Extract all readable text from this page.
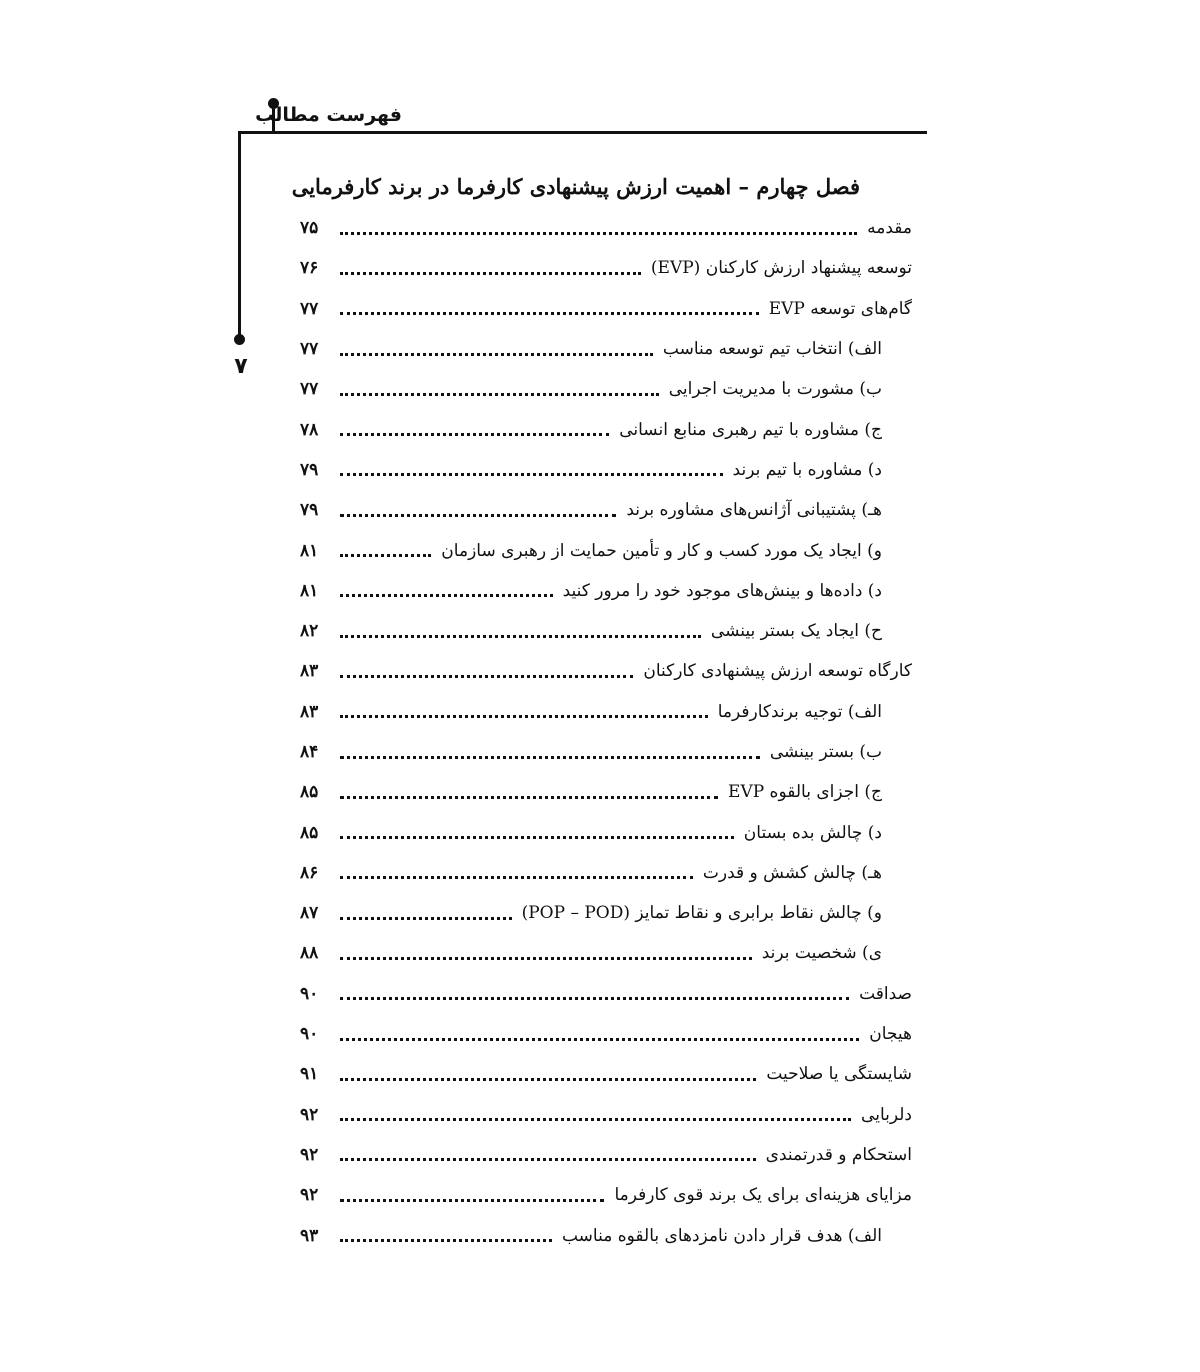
فهرست مطالب
۷
فصل چهارم – اهمیت ارزش پیشنهادی کارفرما در برند کارفرمایی
مقدمه
۷۵
توسعه پیشنهاد ارزش کارکنان (EVP)
۷۶
گام‌های توسعه EVP
۷۷
الف) انتخاب تیم توسعه مناسب
۷۷
ب) مشورت با مدیریت اجرایی
۷۷
ج) مشاوره با تیم رهبری منابع انسانی
۷۸
د) مشاوره با تیم برند
۷۹
هـ) پشتیبانی آژانس‌های مشاوره برند
۷۹
و) ایجاد یک مورد کسب و کار و تأمین حمایت از رهبری سازمان
۸۱
د) داده‌ها و بینش‌های موجود خود را مرور کنید
۸۱
ح) ایجاد یک بستر بینشی
۸۲
کارگاه توسعه ارزش پیشنهادی کارکنان
۸۳
الف) توجیه برندکارفرما
۸۳
ب) بستر بینشی
۸۴
ج) اجزای بالقوه EVP
۸۵
د) چالش بده بستان
۸۵
هـ) چالش کشش و قدرت
۸۶
و) چالش نقاط برابری و نقاط تمایز (POP – POD)
۸۷
ی) شخصیت برند
۸۸
صداقت
۹۰
هیجان
۹۰
شایستگی یا صلاحیت
۹۱
دلربایی
۹۲
استحکام و قدرتمندی
۹۲
مزایای هزینه‌ای برای یک برند قوی کارفرما
۹۲
الف) هدف قرار دادن نامزدهای بالقوه مناسب
۹۳
